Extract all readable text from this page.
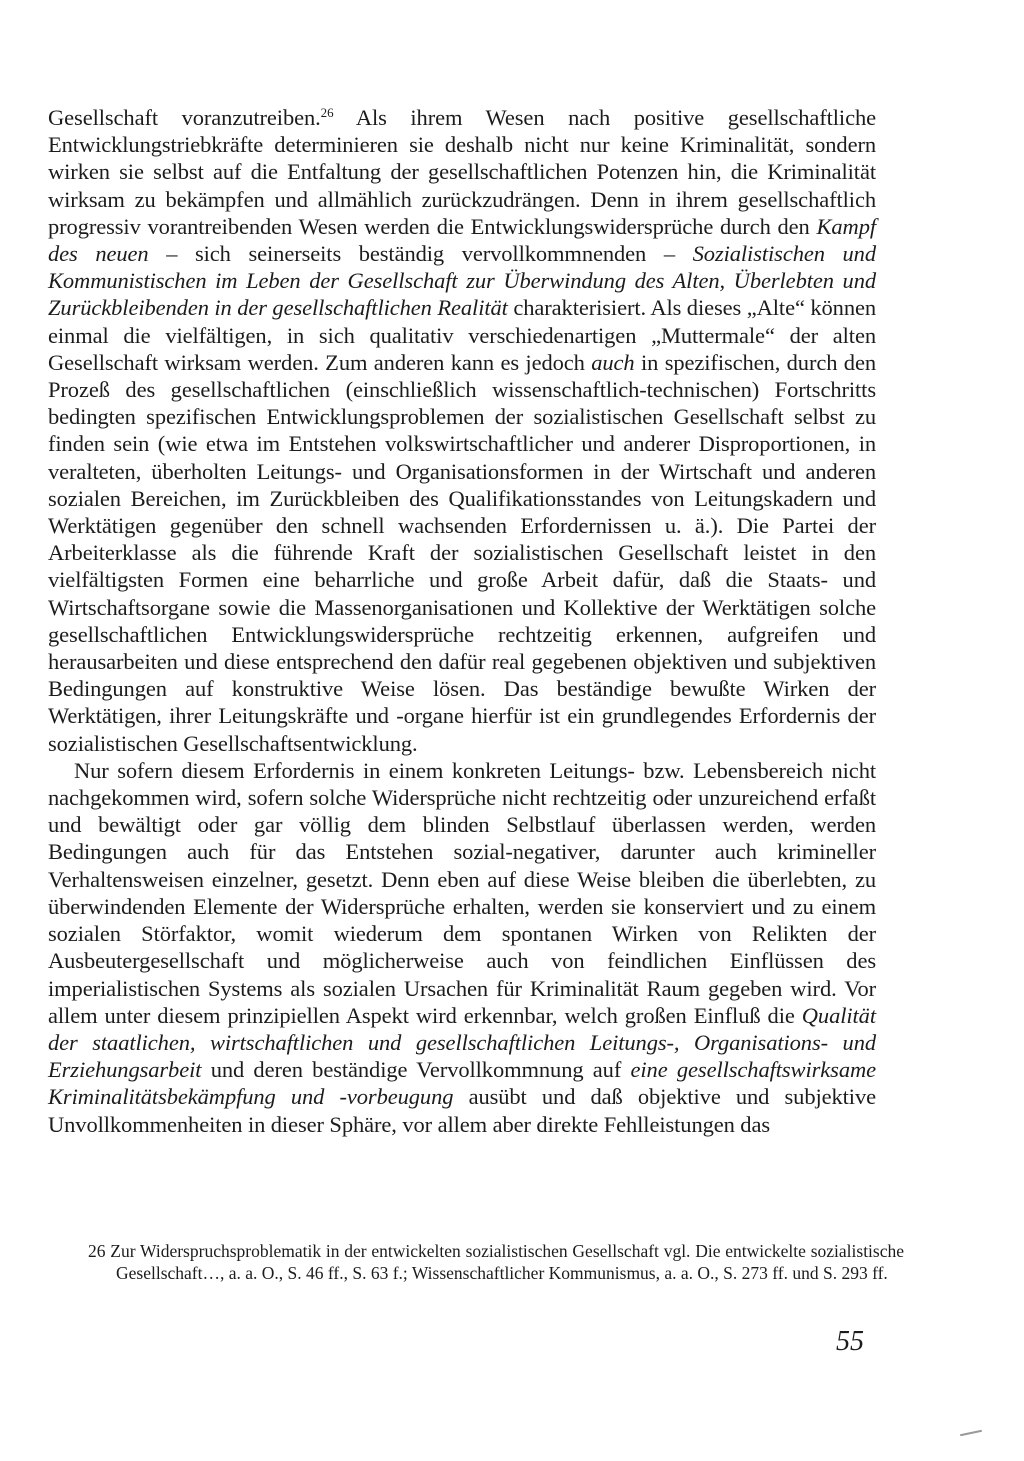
Gesellschaft voranzutreiben.$^{26}$ Als ihrem Wesen nach positive gesellschaftliche Entwicklungstriebkräfte determinieren sie deshalb nicht nur keine Kriminalität, sondern wirken sie selbst auf die Entfaltung der gesellschaftlichen Potenzen hin, die Kriminalität wirksam zu bekämpfen und allmählich zurückzudrängen. Denn in ihrem gesellschaftlich progressiv vorantreibenden Wesen werden die Entwicklungswidersprüche durch den Kampf des neuen – sich seinerseits beständig vervollkommnenden – Sozialistischen und Kommunistischen im Leben der Gesellschaft zur Überwindung des Alten, Überlebten und Zurückbleibenden in der gesellschaftlichen Realität charakterisiert. Als dieses „Alte“ können einmal die vielfältigen, in sich qualitativ verschiedenartigen „Muttermale“ der alten Gesellschaft wirksam werden. Zum anderen kann es jedoch auch in spezifischen, durch den Prozeß des gesellschaftlichen (einschließlich wissenschaftlich-technischen) Fortschritts bedingten spezifischen Entwicklungsproblemen der sozialistischen Gesellschaft selbst zu finden sein (wie etwa im Entstehen volkswirtschaftlicher und anderer Disproportionen, in veralteten, überholten Leitungs- und Organisationsformen in der Wirtschaft und anderen sozialen Bereichen, im Zurückbleiben des Qualifikationsstandes von Leitungskadern und Werktätigen gegenüber den schnell wachsenden Erfordernissen u. ä.). Die Partei der Arbeiterklasse als die führende Kraft der sozialistischen Gesellschaft leistet in den vielfältigsten Formen eine beharrliche und große Arbeit dafür, daß die Staats- und Wirtschaftsorgane sowie die Massenorganisationen und Kollektive der Werktätigen solche gesellschaftlichen Entwicklungswidersprüche rechtzeitig erkennen, aufgreifen und herausarbeiten und diese entsprechend den dafür real gegebenen objektiven und subjektiven Bedingungen auf konstruktive Weise lösen. Das beständige bewußte Wirken der Werktätigen, ihrer Leitungskräfte und -organe hierfür ist ein grundlegendes Erfordernis der sozialistischen Gesellschaftsentwicklung.

Nur sofern diesem Erfordernis in einem konkreten Leitungs- bzw. Lebensbereich nicht nachgekommen wird, sofern solche Widersprüche nicht rechtzeitig oder unzureichend erfaßt und bewältigt oder gar völlig dem blinden Selbstlauf überlassen werden, werden Bedingungen auch für das Entstehen sozial-negativer, darunter auch krimineller Verhaltensweisen einzelner, gesetzt. Denn eben auf diese Weise bleiben die überlebten, zu überwindenden Elemente der Widersprüche erhalten, werden sie konserviert und zu einem sozialen Störfaktor, womit wiederum dem spontanen Wirken von Relikten der Ausbeutergesellschaft und möglicherweise auch von feindlichen Einflüssen des imperialistischen Systems als sozialen Ursachen für Kriminalität Raum gegeben wird. Vor allem unter diesem prinzipiellen Aspekt wird erkennbar, welch großen Einfluß die Qualität der staatlichen, wirtschaftlichen und gesellschaftlichen Leitungs-, Organisations- und Erziehungsarbeit und deren beständige Vervollkommnung auf eine gesellschaftswirksame Kriminalitätsbekämpfung und -vorbeugung ausübt und daß objektive und subjektive Unvollkommenheiten in dieser Sphäre, vor allem aber direkte Fehlleistungen das

26 Zur Widerspruchsproblematik in der entwickelten sozialistischen Gesellschaft vgl. Die entwickelte sozialistische Gesellschaft…, a. a. O., S. 46 ff., S. 63 f.; Wissenschaftlicher Kommunismus, a. a. O., S. 273 ff. und S. 293 ff.
55
